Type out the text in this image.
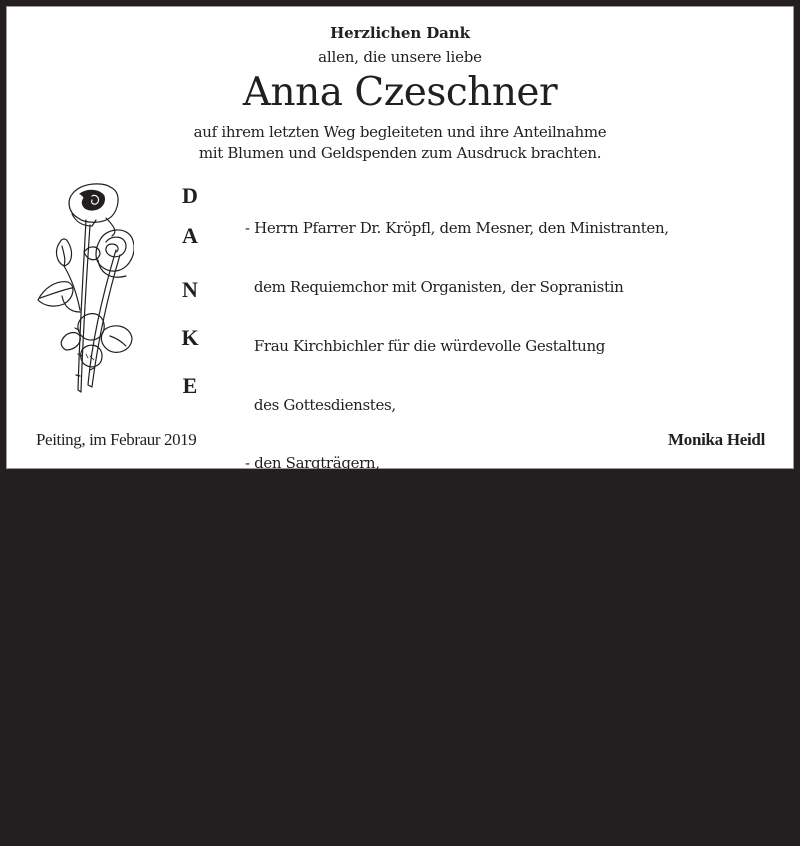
Herzlichen Dank
allen, die unsere liebe
Anna Czeschner
auf ihrem letzten Weg begleiteten und ihre Anteilnahme
mit Blumen und Geldspenden zum Ausdruck brachten.
D
A
N
K
E

- Herrn Pfarrer Dr. Kröpfl, dem Mesner, den Ministranten,

dem Requiemchor mit Organisten, der Sopranistin

Frau Kirchbichler für die würdevolle Gestaltung

des Gottesdienstes,

- den Sargträgern,

- dem gesamten Pflege- und Betreuungsteam

des Marie-Eberth-Altenheimes für die liebevolle

unterstützende Pflege,

- dem Praxisteam Herrn Kayser - Frau Dr. Schneider

- dem ehemaligen Hausarzt Herrn Dr. Grünewald

- allen Verwandten, Bekannten und Nachbarn

Peiting, im Febraur 2019	Monika Heidl
